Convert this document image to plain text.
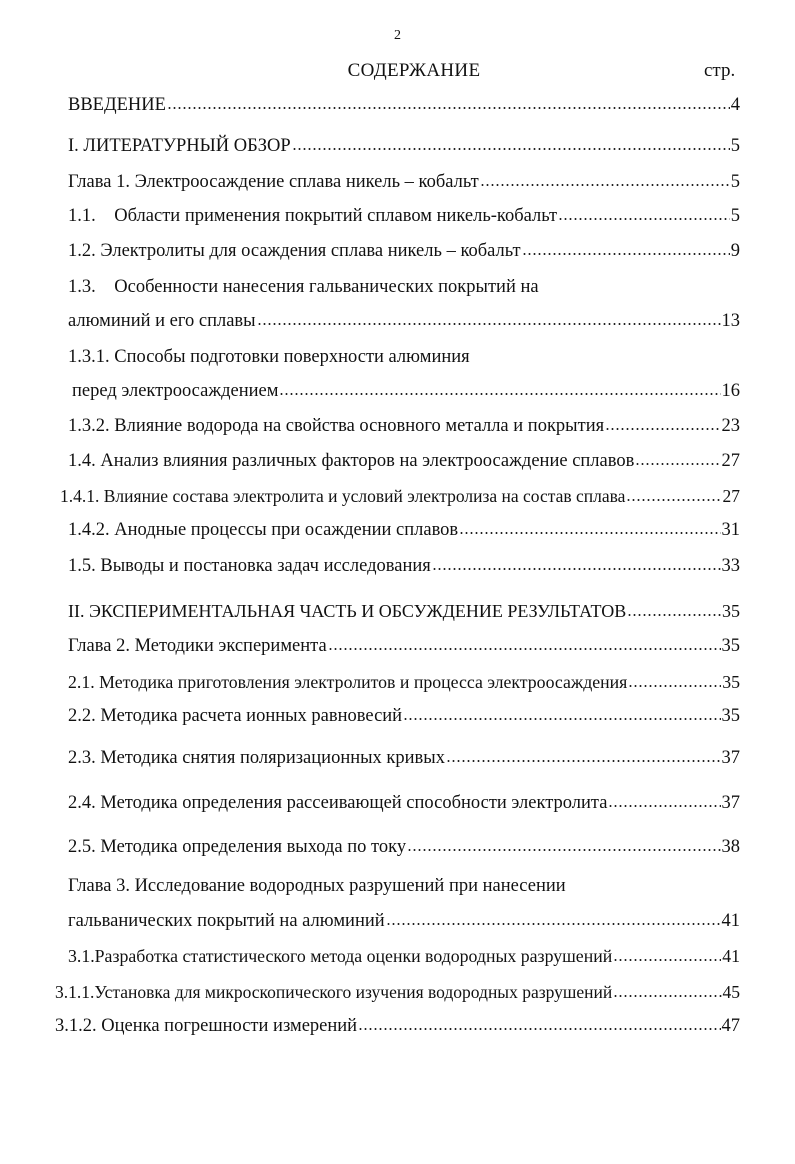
2
СОДЕРЖАНИЕ	стр.
ВВЕДЕНИЕ	4
I. ЛИТЕРАТУРНЫЙ ОБЗОР	5
Глава 1. Электроосаждение сплава никель – кобальт	5
1.1.    Области применения покрытий сплавом никель-кобальт	5
1.2. Электролиты для осаждения сплава никель – кобальт	9
1.3.    Особенности нанесения гальванических покрытий на
алюминий и его сплавы	13
1.3.1. Способы подготовки поверхности алюминия
перед электроосаждением	16
1.3.2. Влияние водорода на свойства основного металла и покрытия	23
1.4. Анализ влияния различных факторов на электроосаждение сплавов	27
1.4.1. Влияние состава электролита и условий электролиза на состав сплава	27
1.4.2. Анодные процессы при осаждении сплавов	31
1.5. Выводы и постановка задач исследования	33
II. ЭКСПЕРИМЕНТАЛЬНАЯ ЧАСТЬ И ОБСУЖДЕНИЕ РЕЗУЛЬТАТОВ	35
Глава 2. Методики эксперимента	35
2.1. Методика приготовления электролитов и процесса электроосаждения	35
2.2. Методика расчета ионных равновесий	35
2.3. Методика снятия поляризационных кривых	37
2.4. Методика определения рассеивающей способности электролита	37
2.5. Методика определения выхода по току	38
Глава 3. Исследование водородных разрушений при нанесении
гальванических покрытий на алюминий	41
3.1.Разработка статистического метода оценки водородных разрушений	41
3.1.1.Установка для микроскопического изучения водородных разрушений	45
3.1.2. Оценка погрешности измерений	47
